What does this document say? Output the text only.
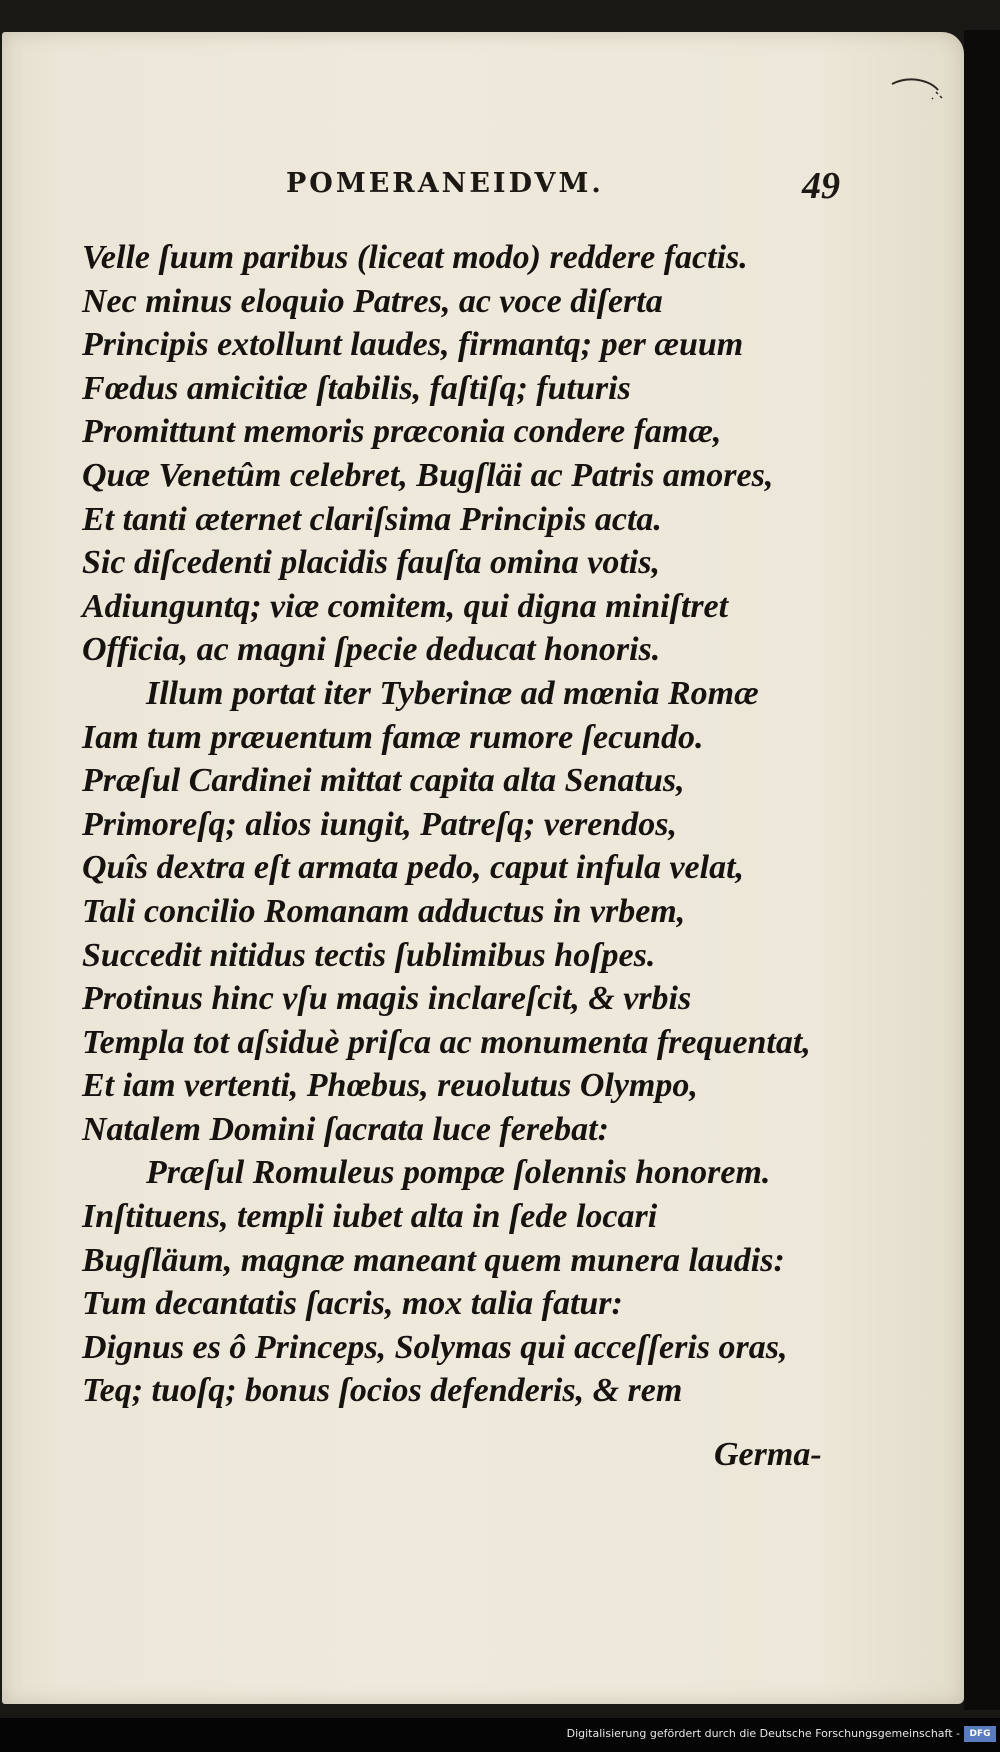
POMERANEIDVM.	49
Velle ſuum paribus (liceat modo) reddere factis.
Nec minus eloquio Patres, ac voce diſerta
Principis extollunt laudes, firmantq; per æuum
Fœdus amicitiæ ſtabilis, faſtiſq; futuris
Promittunt memoris præconia condere famæ,
Quæ Venetûm celebret, Bugſläi ac Patris amores,
Et tanti æternet clariſsima Principis acta.
Sic diſcedenti placidis fauſta omina votis,
Adiunguntq; viæ comitem, qui digna miniſtret
Officia, ac magni ſpecie deducat honoris.
Illum portat iter Tyberinæ ad mœnia Romæ
Iam tum præuentum famæ rumore ſecundo.
Præſul Cardinei mittat capita alta Senatus,
Primoreſq; alios iungit, Patreſq; verendos,
Quîs dextra eſt armata pedo, caput infula velat,
Tali concilio Romanam adductus in vrbem,
Succedit nitidus tectis ſublimibus hoſpes.
Protinus hinc vſu magis inclareſcit, & vrbis
Templa tot aſsiduè priſca ac monumenta frequentat,
Et iam vertenti, Phœbus, reuolutus Olympo,
Natalem Domini ſacrata luce ferebat:
Præſul Romuleus pompæ ſolennis honorem.
Inſtituens, templi iubet alta in ſede locari
Bugſläum, magnæ maneant quem munera laudis:
Tum decantatis ſacris, mox talia fatur:
Dignus es ô Princeps, Solymas qui acceſſeris oras,
Teq; tuoſq; bonus ſocios defenderis, & rem
Germa-
Digitalisierung gefördert durch die Deutsche Forschungsgemeinschaft -	DFG
